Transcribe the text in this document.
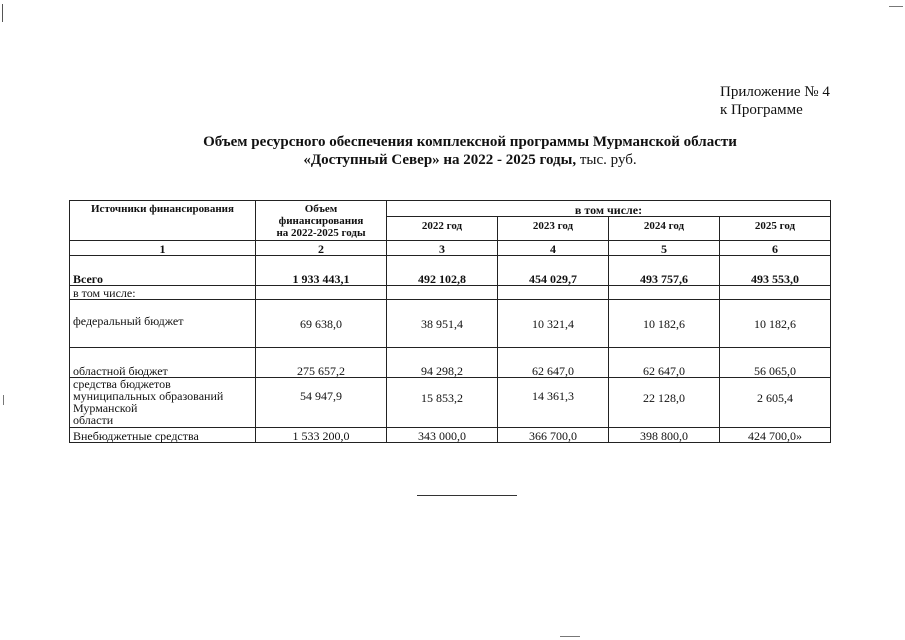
Приложение № 4
к Программе
Объем ресурсного обеспечения комплексной программы Мурманской области
«Доступный Север» на 2022 - 2025 годы, тыс. руб.
Источники финансирования	Объем
финансирования
на 2022-2025 годы	в том числе:			
		2022 год	2023 год	2024 год	2025 год
1	2	3	4	5	6
Всего	1 933 443,1	492 102,8	454 029,7	493 757,6	493 553,0
в том числе:					
федеральный бюджет	69 638,0	38 951,4	10 321,4	10 182,6	10 182,6
областной бюджет	275 657,2	94 298,2	62 647,0	62 647,0	56 065,0

средства бюджетов
муниципальных образований
Мурманской
области	54 947,9	15 853,2	14 361,3	22 128,0	2 605,4
Внебюджетные средства	1 533 200,0	343 000,0	366 700,0	398 800,0	424 700,0»
